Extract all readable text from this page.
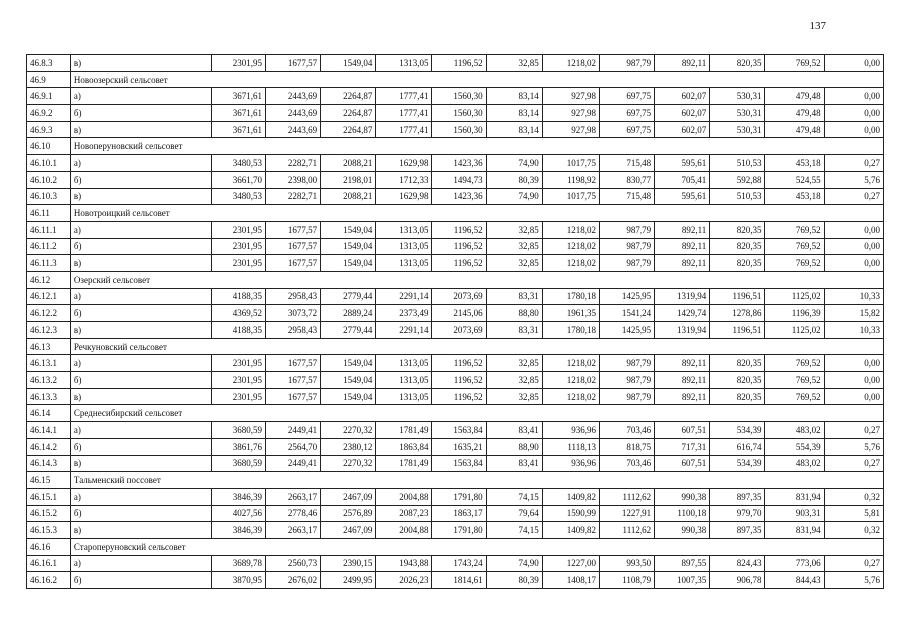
137
46.8.3	в)	2301,95	1677,57	1549,04	1313,05	1196,52	32,85	1218,02	987,79	892,11	820,35	769,52	0,00
46.9	Новоозерский сельсовет												
46.9.1	а)	3671,61	2443,69	2264,87	1777,41	1560,30	83,14	927,98	697,75	602,07	530,31	479,48	0,00
46.9.2	б)	3671,61	2443,69	2264,87	1777,41	1560,30	83,14	927,98	697,75	602,07	530,31	479,48	0,00
46.9.3	в)	3671,61	2443,69	2264,87	1777,41	1560,30	83,14	927,98	697,75	602,07	530,31	479,48	0,00
46.10	Новоперуновский сельсовет												
46.10.1	а)	3480,53	2282,71	2088,21	1629,98	1423,36	74,90	1017,75	715,48	595,61	510,53	453,18	0,27
46.10.2	б)	3661,70	2398,00	2198,01	1712,33	1494,73	80,39	1198,92	830,77	705,41	592,88	524,55	5,76
46.10.3	в)	3480,53	2282,71	2088,21	1629,98	1423,36	74,90	1017,75	715,48	595,61	510,53	453,18	0,27
46.11	Новотроицкий сельсовет												
46.11.1	а)	2301,95	1677,57	1549,04	1313,05	1196,52	32,85	1218,02	987,79	892,11	820,35	769,52	0,00
46.11.2	б)	2301,95	1677,57	1549,04	1313,05	1196,52	32,85	1218,02	987,79	892,11	820,35	769,52	0,00
46.11.3	в)	2301,95	1677,57	1549,04	1313,05	1196,52	32,85	1218,02	987,79	892,11	820,35	769,52	0,00
46.12	Озерский сельсовет												
46.12.1	а)	4188,35	2958,43	2779,44	2291,14	2073,69	83,31	1780,18	1425,95	1319,94	1196,51	1125,02	10,33
46.12.2	б)	4369,52	3073,72	2889,24	2373,49	2145,06	88,80	1961,35	1541,24	1429,74	1278,86	1196,39	15,82
46.12.3	в)	4188,35	2958,43	2779,44	2291,14	2073,69	83,31	1780,18	1425,95	1319,94	1196,51	1125,02	10,33
46.13	Речкуновский сельсовет												
46.13.1	а)	2301,95	1677,57	1549,04	1313,05	1196,52	32,85	1218,02	987,79	892,11	820,35	769,52	0,00
46.13.2	б)	2301,95	1677,57	1549,04	1313,05	1196,52	32,85	1218,02	987,79	892,11	820,35	769,52	0,00
46.13.3	в)	2301,95	1677,57	1549,04	1313,05	1196,52	32,85	1218,02	987,79	892,11	820,35	769,52	0,00
46.14	Среднесибирский сельсовет												
46.14.1	а)	3680,59	2449,41	2270,32	1781,49	1563,84	83,41	936,96	703,46	607,51	534,39	483,02	0,27
46.14.2	б)	3861,76	2564,70	2380,12	1863,84	1635,21	88,90	1118,13	818,75	717,31	616,74	554,39	5,76
46.14.3	в)	3680,59	2449,41	2270,32	1781,49	1563,84	83,41	936,96	703,46	607,51	534,39	483,02	0,27
46.15	Тальменский поссовет												
46.15.1	а)	3846,39	2663,17	2467,09	2004,88	1791,80	74,15	1409,82	1112,62	990,38	897,35	831,94	0,32
46.15.2	б)	4027,56	2778,46	2576,89	2087,23	1863,17	79,64	1590,99	1227,91	1100,18	979,70	903,31	5,81
46.15.3	в)	3846,39	2663,17	2467,09	2004,88	1791,80	74,15	1409,82	1112,62	990,38	897,35	831,94	0,32
46.16	Староперуновский сельсовет												
46.16.1	а)	3689,78	2560,73	2390,15	1943,88	1743,24	74,90	1227,00	993,50	897,55	824,43	773,06	0,27
46.16.2	б)	3870,95	2676,02	2499,95	2026,23	1814,61	80,39	1408,17	1108,79	1007,35	906,78	844,43	5,76
